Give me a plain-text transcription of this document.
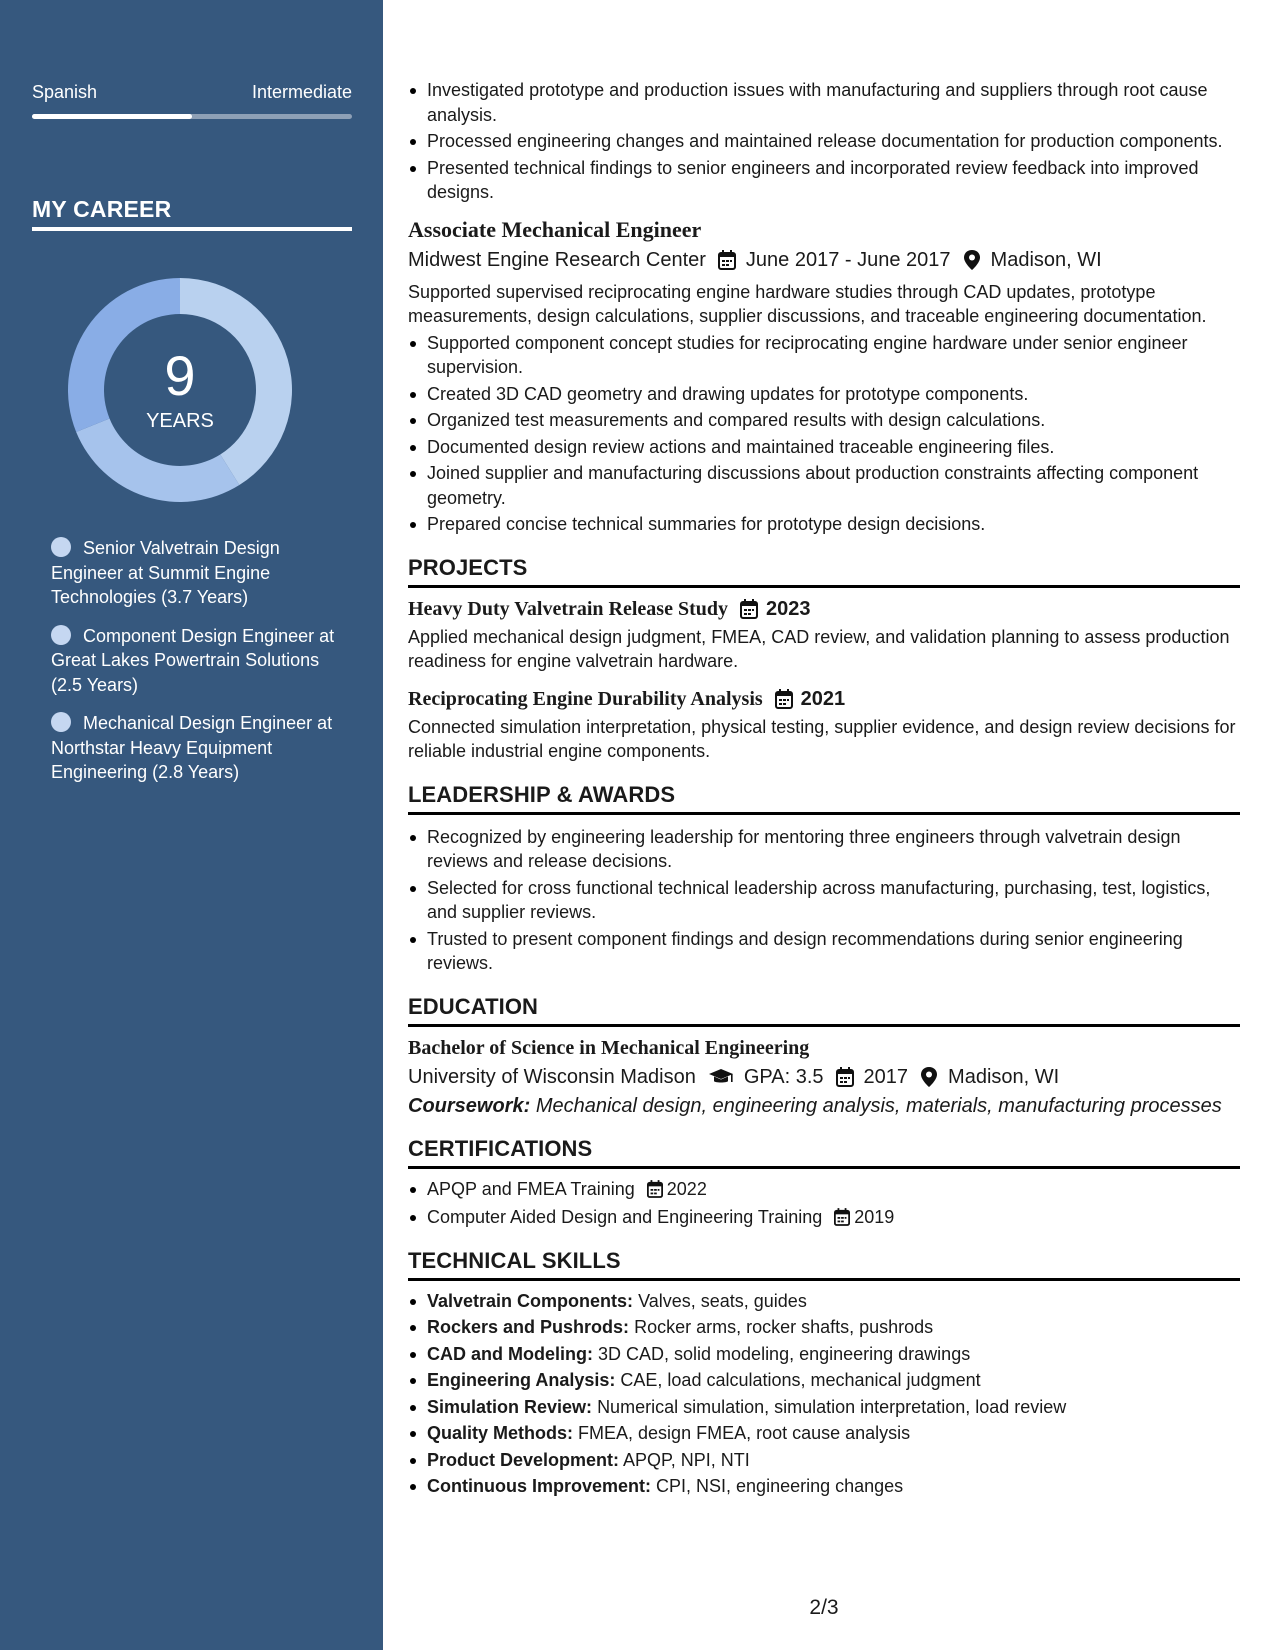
Spanish	Intermediate
MY CAREER
9
YEARS
Senior Valvetrain Design Engineer at Summit Engine Technologies (3.7 Years)
Component Design Engineer at Great Lakes Powertrain Solutions (2.5 Years)
Mechanical Design Engineer at Northstar Heavy Equipment Engineering (2.8 Years)
Investigated prototype and production issues with manufacturing and suppliers through root cause analysis.
Processed engineering changes and maintained release documentation for production components.
Presented technical findings to senior engineers and incorporated review feedback into improved designs.
Associate Mechanical Engineer
Midwest Engine Research Center June 2017 - June 2017 Madison, WI
Supported supervised reciprocating engine hardware studies through CAD updates, prototype measurements, design calculations, supplier discussions, and traceable engineering documentation.
Supported component concept studies for reciprocating engine hardware under senior engineer supervision.
Created 3D CAD geometry and drawing updates for prototype components.
Organized test measurements and compared results with design calculations.
Documented design review actions and maintained traceable engineering files.
Joined supplier and manufacturing discussions about production constraints affecting component geometry.
Prepared concise technical summaries for prototype design decisions.
PROJECTS
Heavy Duty Valvetrain Release Study 2023
Applied mechanical design judgment, FMEA, CAD review, and validation planning to assess production readiness for engine valvetrain hardware.
Reciprocating Engine Durability Analysis 2021
Connected simulation interpretation, physical testing, supplier evidence, and design review decisions for reliable industrial engine components.
LEADERSHIP & AWARDS
Recognized by engineering leadership for mentoring three engineers through valvetrain design reviews and release decisions.
Selected for cross functional technical leadership across manufacturing, purchasing, test, logistics, and supplier reviews.
Trusted to present component findings and design recommendations during senior engineering reviews.
EDUCATION
Bachelor of Science in Mechanical Engineering
University of Wisconsin Madison GPA: 3.5 2017 Madison, WI
Coursework: Mechanical design, engineering analysis, materials, manufacturing processes
CERTIFICATIONS
APQP and FMEA Training 2022
Computer Aided Design and Engineering Training 2019
TECHNICAL SKILLS
Valvetrain Components: Valves, seats, guides
Rockers and Pushrods: Rocker arms, rocker shafts, pushrods
CAD and Modeling: 3D CAD, solid modeling, engineering drawings
Engineering Analysis: CAE, load calculations, mechanical judgment
Simulation Review: Numerical simulation, simulation interpretation, load review
Quality Methods: FMEA, design FMEA, root cause analysis
Product Development: APQP, NPI, NTI
Continuous Improvement: CPI, NSI, engineering changes
2/3
